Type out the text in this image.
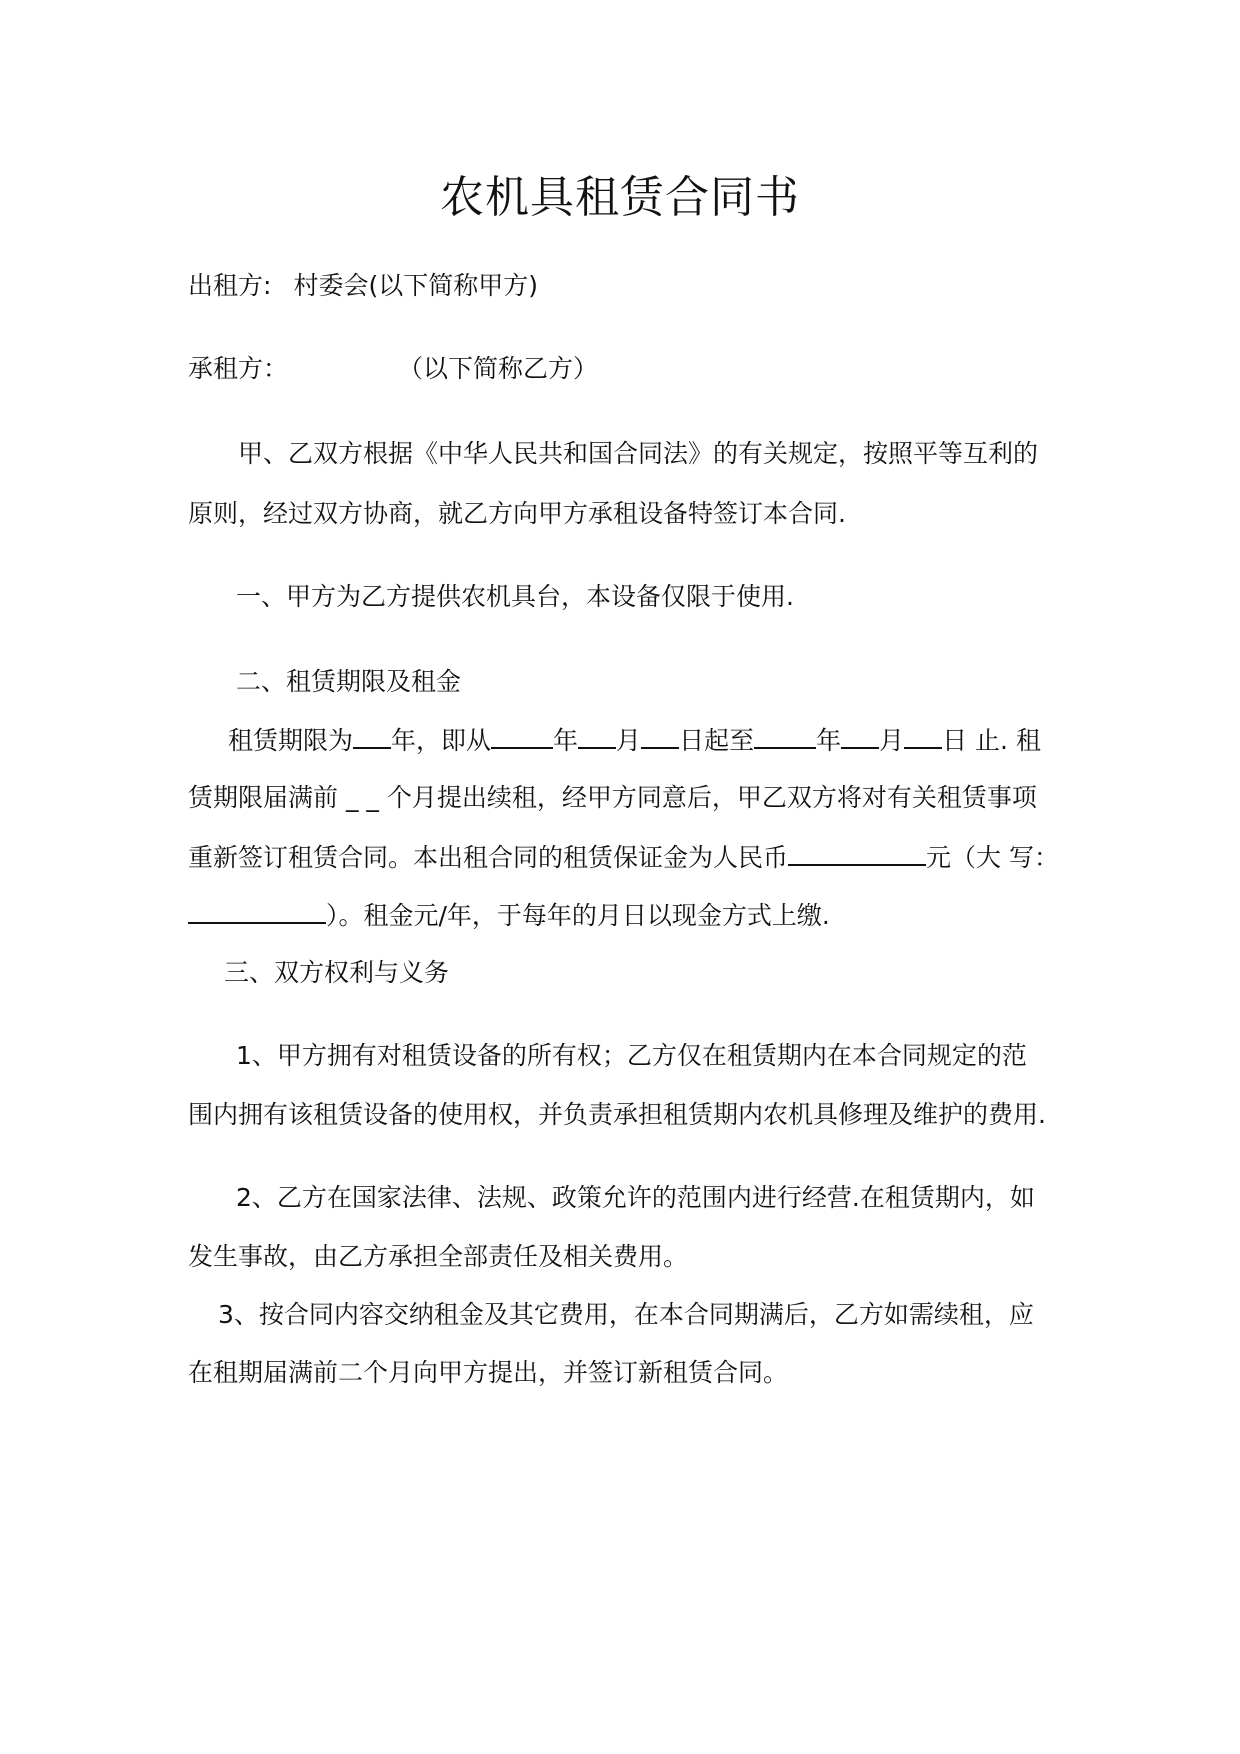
农机具租赁合同书

出租方: 村委会(以下简称甲方)

承租方：	（以下简称乙方）

甲、乙双方根据《中华人民共和国合同法》的有关规定，按照平等互利的

原则，经过双方协商，就乙方向甲方承租设备特签订本合同.

一、甲方为乙方提供农机具台，本设备仅限于使用.

二、租赁期限及租金

租赁期限为 年，即从 年 月 日起至 年 月 日 止. 租

赁期限届满前 _ _ 个月提出续租，经甲方同意后，甲乙双方将对有关租赁事项

重新签订租赁合同。本出租合同的租赁保证金为人民币	元（大 写：

）。租金元/年，于每年的月日以现金方式上缴.

三、双方权利与义务

1、甲方拥有对租赁设备的所有权；乙方仅在租赁期内在本合同规定的范

围内拥有该租赁设备的使用权，并负责承担租赁期内农机具修理及维护的费用.

2、乙方在国家法律、法规、政策允许的范围内进行经营.在租赁期内，如

发生事故，由乙方承担全部责任及相关费用。

3、按合同内容交纳租金及其它费用，在本合同期满后，乙方如需续租，应

在租期届满前二个月向甲方提出，并签订新租赁合同。
